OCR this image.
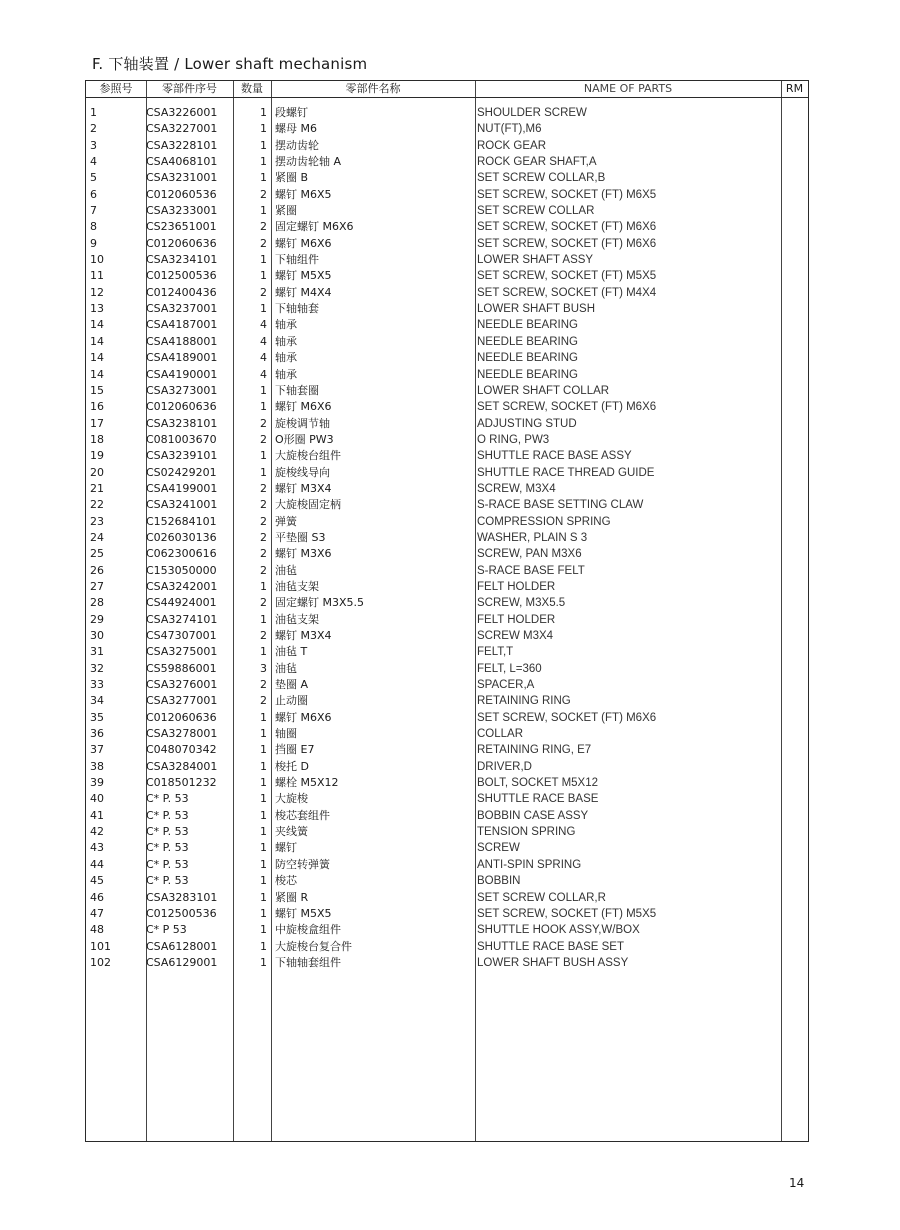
F. 下轴装置 / Lower shaft mechanism
参照号	零部件序号	数量	零部件名称	NAME OF PARTS	RM
1	CSA3226001	1 段螺钉	SHOULDER SCREW
2	CSA3227001	1 螺母 M6	NUT(FT),M6
3	CSA3228101	1 摆动齿轮	ROCK GEAR
4	CSA4068101	1 摆动齿轮轴 A	ROCK GEAR SHAFT,A
5	CSA3231001	1 紧圈 B	SET SCREW COLLAR,B
6	C012060536	2 螺钉 M6X5	SET SCREW, SOCKET (FT) M6X5
7	CSA3233001	1 紧圈	SET SCREW COLLAR
8	CS23651001	2 固定螺钉 M6X6	SET SCREW, SOCKET (FT) M6X6
9	C012060636	2 螺钉 M6X6	SET SCREW, SOCKET (FT) M6X6
10	CSA3234101	1 下轴组件	LOWER SHAFT ASSY
11	C012500536	1 螺钉 M5X5	SET SCREW, SOCKET (FT) M5X5
12	C012400436	2 螺钉 M4X4	SET SCREW, SOCKET (FT) M4X4
13	CSA3237001	1 下轴轴套	LOWER SHAFT BUSH
14	CSA4187001	4 轴承	NEEDLE BEARING
14	CSA4188001	4 轴承	NEEDLE BEARING
14	CSA4189001	4 轴承	NEEDLE BEARING
14	CSA4190001	4 轴承	NEEDLE BEARING
15	CSA3273001	1 下轴套圈	LOWER SHAFT COLLAR
16	C012060636	1 螺钉 M6X6	SET SCREW, SOCKET (FT) M6X6
17	CSA3238101	2 旋梭调节轴	ADJUSTING STUD
18	C081003670	2 O形圈 PW3	O RING, PW3
19	CSA3239101	1 大旋梭台组件	SHUTTLE RACE BASE ASSY
20	CS02429201	1 旋梭线导向	SHUTTLE RACE THREAD GUIDE
21	CSA4199001	2 螺钉 M3X4	SCREW, M3X4
22	CSA3241001	2 大旋梭固定柄	S-RACE BASE SETTING CLAW
23	C152684101	2 弹簧	COMPRESSION SPRING
24	C026030136	2 平垫圈 S3	WASHER, PLAIN S 3
25	C062300616	2 螺钉 M3X6	SCREW, PAN M3X6
26	C153050000	2 油毡	S-RACE BASE FELT
27	CSA3242001	1 油毡支架	FELT HOLDER
28	CS44924001	2 固定螺钉 M3X5.5	SCREW, M3X5.5
29	CSA3274101	1 油毡支架	FELT HOLDER
30	CS47307001	2 螺钉 M3X4	SCREW M3X4
31	CSA3275001	1 油毡 T	FELT,T
32	CS59886001	3 油毡	FELT, L=360
33	CSA3276001	2 垫圈 A	SPACER,A
34	CSA3277001	2 止动圈	RETAINING RING
35	C012060636	1 螺钉 M6X6	SET SCREW, SOCKET (FT) M6X6
36	CSA3278001	1 轴圈	COLLAR
37	C048070342	1 挡圈 E7	RETAINING RING, E7
38	CSA3284001	1 梭托 D	DRIVER,D
39	C018501232	1 螺栓 M5X12	BOLT, SOCKET M5X12
40	C* P. 53	1 大旋梭	SHUTTLE RACE BASE
41	C* P. 53	1 梭芯套组件	BOBBIN CASE ASSY
42	C* P. 53	1 夹线簧	TENSION SPRING
43	C* P. 53	1 螺钉	SCREW
44	C* P. 53	1 防空转弹簧	ANTI-SPIN SPRING
45	C* P. 53	1 梭芯	BOBBIN
46	CSA3283101	1 紧圈 R	SET SCREW COLLAR,R
47	C012500536	1 螺钉 M5X5	SET SCREW, SOCKET (FT) M5X5
48	C* P 53	1 中旋梭盒组件	SHUTTLE HOOK ASSY,W/BOX
101	CSA6128001	1 大旋梭台复合件	SHUTTLE RACE BASE SET
102	CSA6129001	1 下轴轴套组件	LOWER SHAFT BUSH ASSY
14
